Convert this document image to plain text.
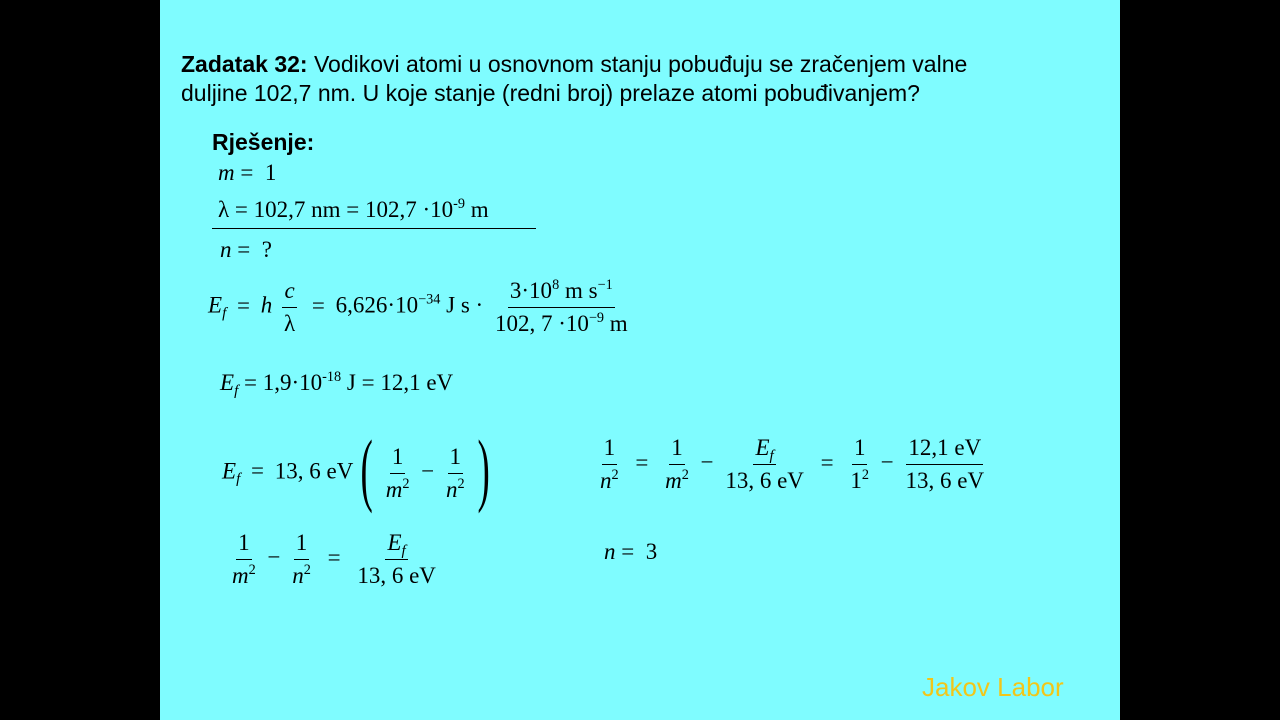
Zadatak 32: Vodikovi atomi u osnovnom stanju pobuđuju se zračenjem valne
duljine 102,7 nm. U koje stanje (redni broj) prelaze atomi pobuđivanjem?
Rješenje:
m =  1
λ = 102,7 nm = $102,7 \cdot 10^{-9}$ m
n =  ?
$E_f = h \frac{c}{\lambda} = 6,626\cdot 10^{-34}$ J $s \cdot \frac{3\cdot 10^8 m s^{-1}}{102, 7 \cdot 10^{-9} m}$
$E_f = 1,9\cdot 10^{-18}$ J = 12,1 eV
$E_f = 13$, 6 eV ( $\frac{1}{m^2} - \frac{1}{n^2}$ )
$\frac{1}{m^2} - \frac{1}{n^2} = \frac{E_f}{13, 6 eV}$
$\frac{1}{n^2} = \frac{1}{m^2} - \frac{E_f}{13, 6 eV} = \frac{1}{1^2} - \frac{12,1 eV}{13, 6 eV}$
n =  3
Jakov Labor
